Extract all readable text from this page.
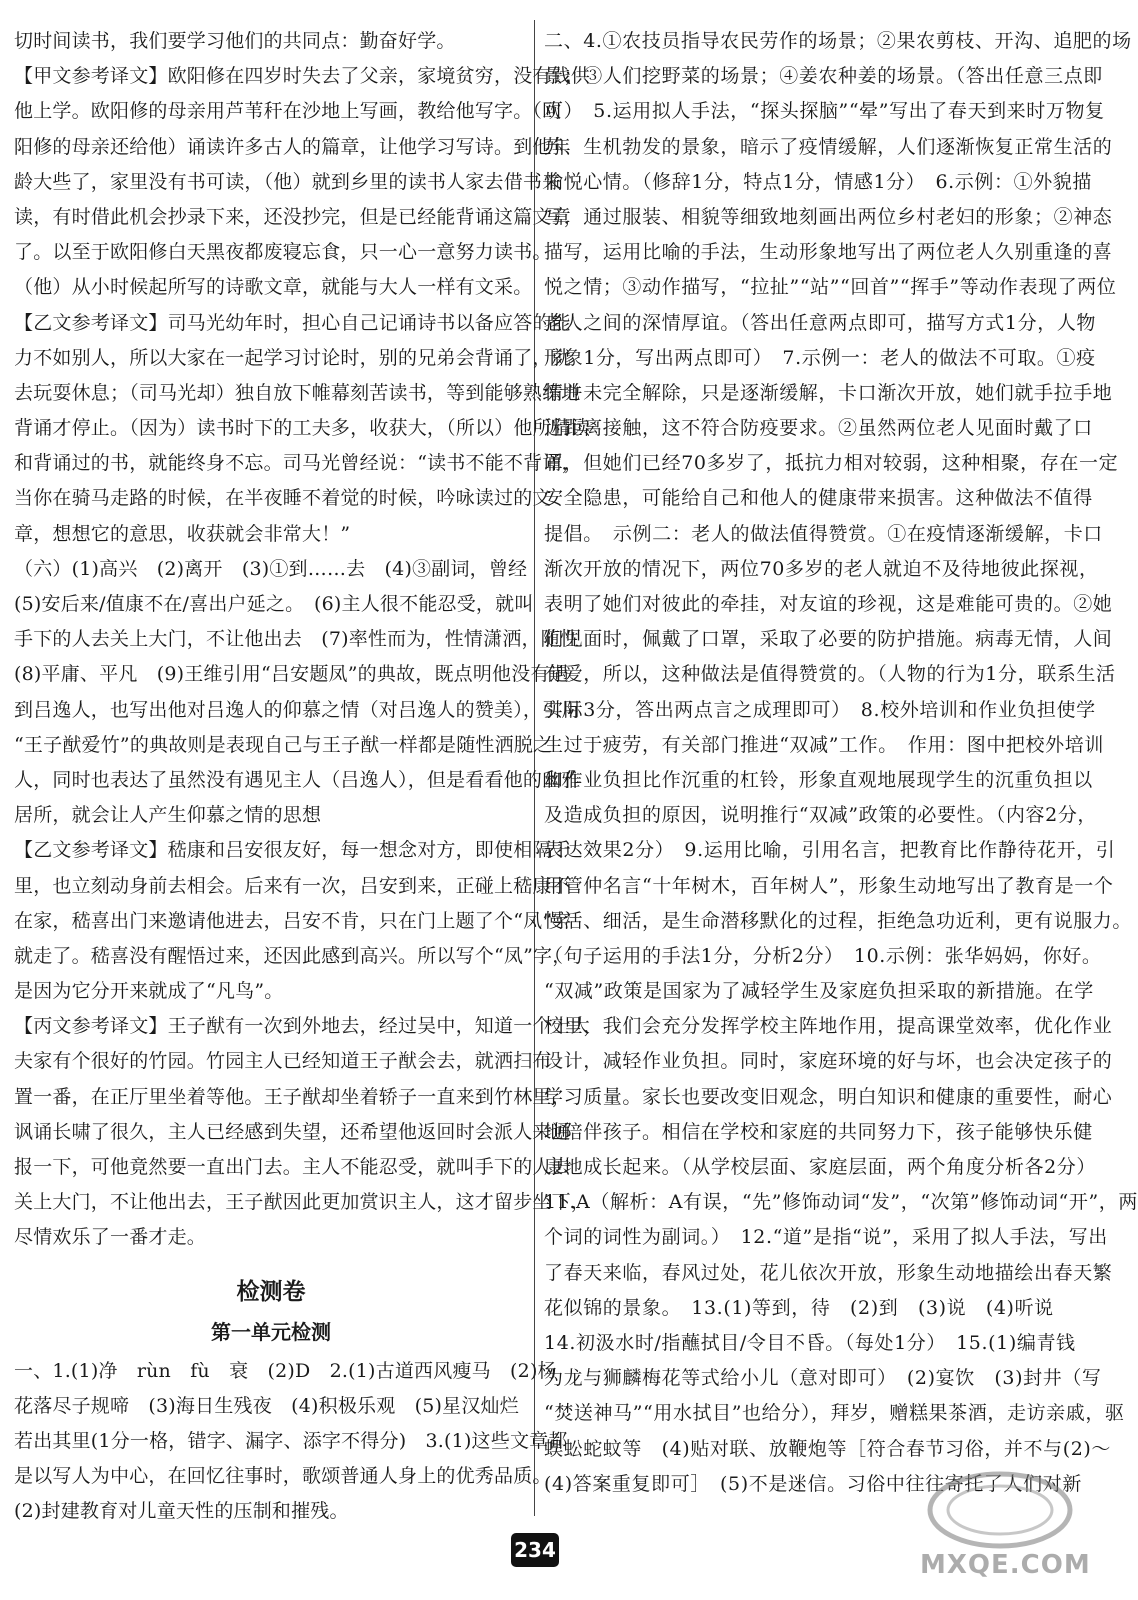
切时间读书，我们要学习他们的共同点：勤奋好学。
【甲文参考译文】欧阳修在四岁时失去了父亲，家境贫穷，没有钱供
他上学。欧阳修的母亲用芦苇秆在沙地上写画，教给他写字。（欧
阳修的母亲还给他）诵读许多古人的篇章，让他学习写诗。到他年
龄大些了，家里没有书可读，（他）就到乡里的读书人家去借书来
读，有时借此机会抄录下来，还没抄完，但是已经能背诵这篇文章
了。以至于欧阳修白天黑夜都废寝忘食，只一心一意努力读书。
（他）从小时候起所写的诗歌文章，就能与大人一样有文采。
【乙文参考译文】司马光幼年时，担心自己记诵诗书以备应答的能
力不如别人，所以大家在一起学习讨论时，别的兄弟会背诵了，就
去玩耍休息；（司马光却）独自放下帷幕刻苦读书，等到能够熟练地
背诵才停止。（因为）读书时下的工夫多，收获大，（所以）他所精读
和背诵过的书，就能终身不忘。司马光曾经说：“读书不能不背诵，
当你在骑马走路的时候，在半夜睡不着觉的时候，吟咏读过的文
章，想想它的意思，收获就会非常大！”
（六）(1)高兴　(2)离开　(3)①到……去　(4)③副词，曾经
(5)安后来/值康不在/喜出户延之。　(6)主人很不能忍受，就叫
手下的人去关上大门，不让他出去　(7)率性而为，性情潇洒，随性
(8)平庸、平凡　(9)王维引用“吕安题凤”的典故，既点明他没有遇
到吕逸人，也写出他对吕逸人的仰慕之情（对吕逸人的赞美），引用
“王子猷爱竹”的典故则是表现自己与王子猷一样都是随性洒脱之
人，同时也表达了虽然没有遇见主人（吕逸人），但是看看他的幽雅
居所，就会让人产生仰慕之情的思想
【乙文参考译文】嵇康和吕安很友好，每一想念对方，即使相隔千
里，也立刻动身前去相会。后来有一次，吕安到来，正碰上嵇康不
在家，嵇喜出门来邀请他进去，吕安不肯，只在门上题了个“凤”字
就走了。嵇喜没有醒悟过来，还因此感到高兴。所以写个“凤”字，
是因为它分开来就成了“凡鸟”。
【丙文参考译文】王子猷有一次到外地去，经过吴中，知道一个士大
夫家有个很好的竹园。竹园主人已经知道王子猷会去，就洒扫布
置一番，在正厅里坐着等他。王子猷却坐着轿子一直来到竹林里，
讽诵长啸了很久，主人已经感到失望，还希望他返回时会派人来通
报一下，可他竟然要一直出门去。主人不能忍受，就叫手下的人去
关上大门，不让他出去，王子猷因此更加赏识主人，这才留步坐下，
尽情欢乐了一番才走。
检测卷
第一单元检测
一、1.(1)净　rùn　fù　衰　(2)D　2.(1)古道西风瘦马　(2)杨
花落尽子规啼　(3)海日生残夜　(4)积极乐观　(5)星汉灿烂
若出其里(1分一格，错字、漏字、添字不得分)　3.(1)这些文章都
是以写人为中心，在回忆往事时，歌颂普通人身上的优秀品质。
(2)封建教育对儿童天性的压制和摧残。
二、4.①农技员指导农民劳作的场景；②果农剪枝、开沟、追肥的场
景；③人们挖野菜的场景；④姜农种姜的场景。（答出任意三点即
可）　5.运用拟人手法，“探头探脑”“晕”写出了春天到来时万物复
苏、生机勃发的景象，暗示了疫情缓解，人们逐渐恢复正常生活的
愉悦心情。（修辞1分，特点1分，情感1分）　6.示例：①外貌描
写，通过服装、相貌等细致地刻画出两位乡村老妇的形象；②神态
描写，运用比喻的手法，生动形象地写出了两位老人久别重逢的喜
悦之情；③动作描写，“拉扯”“站”“回首”“挥手”等动作表现了两位
老人之间的深情厚谊。（答出任意两点即可，描写方式1分，人物
形象1分，写出两点即可）　7.示例一：老人的做法不可取。①疫
情并未完全解除，只是逐渐缓解，卡口渐次开放，她们就手拉手地
近距离接触，这不符合防疫要求。②虽然两位老人见面时戴了口
罩，但她们已经70多岁了，抵抗力相对较弱，这种相聚，存在一定
安全隐患，可能给自己和他人的健康带来损害。这种做法不值得
提倡。　示例二：老人的做法值得赞赏。①在疫情逐渐缓解，卡口
渐次开放的情况下，两位70多岁的老人就迫不及待地彼此探视，
表明了她们对彼此的牵挂，对友谊的珍视，这是难能可贵的。②她
们见面时，佩戴了口罩，采取了必要的防护措施。病毒无情，人间
有爱，所以，这种做法是值得赞赏的。（人物的行为1分，联系生活
实际3分，答出两点言之成理即可）　8.校外培训和作业负担使学
生过于疲劳，有关部门推进“双减”工作。　作用：图中把校外培训
和作业负担比作沉重的杠铃，形象直观地展现学生的沉重负担以
及造成负担的原因，说明推行“双减”政策的必要性。（内容2分，
表达效果2分）　9.运用比喻，引用名言，把教育比作静待花开，引
用管仲名言“十年树木，百年树人”，形象生动地写出了教育是一个
慢活、细活，是生命潜移默化的过程，拒绝急功近利，更有说服力。
（句子运用的手法1分，分析2分）　10.示例：张华妈妈，你好。
“双减”政策是国家为了减轻学生及家庭负担采取的新措施。在学
校里，我们会充分发挥学校主阵地作用，提高课堂效率，优化作业
设计，减轻作业负担。同时，家庭环境的好与坏，也会决定孩子的
学习质量。家长也要改变旧观念，明白知识和健康的重要性，耐心
地陪伴孩子。相信在学校和家庭的共同努力下，孩子能够快乐健
康地成长起来。（从学校层面、家庭层面，两个角度分析各2分）
11.A（解析：A有误，“先”修饰动词“发”，“次第”修饰动词“开”，两
个词的词性为副词。）　12.“道”是指“说”，采用了拟人手法，写出
了春天来临，春风过处，花儿依次开放，形象生动地描绘出春天繁
花似锦的景象。　13.(1)等到，待　(2)到　(3)说　(4)听说
14.初汲水时/指蘸拭目/令目不昏。（每处1分）　15.(1)编青钱
为龙与狮麟梅花等式给小儿（意对即可）　(2)宴饮　(3)封井（写
“焚送神马”“用水拭目”也给分），拜岁，赠糕果茶酒，走访亲戚，驱
蜈蚣蛇蚊等　(4)贴对联、放鞭炮等［符合春节习俗，并不与(2)～
(4)答案重复即可］　(5)不是迷信。习俗中往往寄托了人们对新
234	MXQE.COM
